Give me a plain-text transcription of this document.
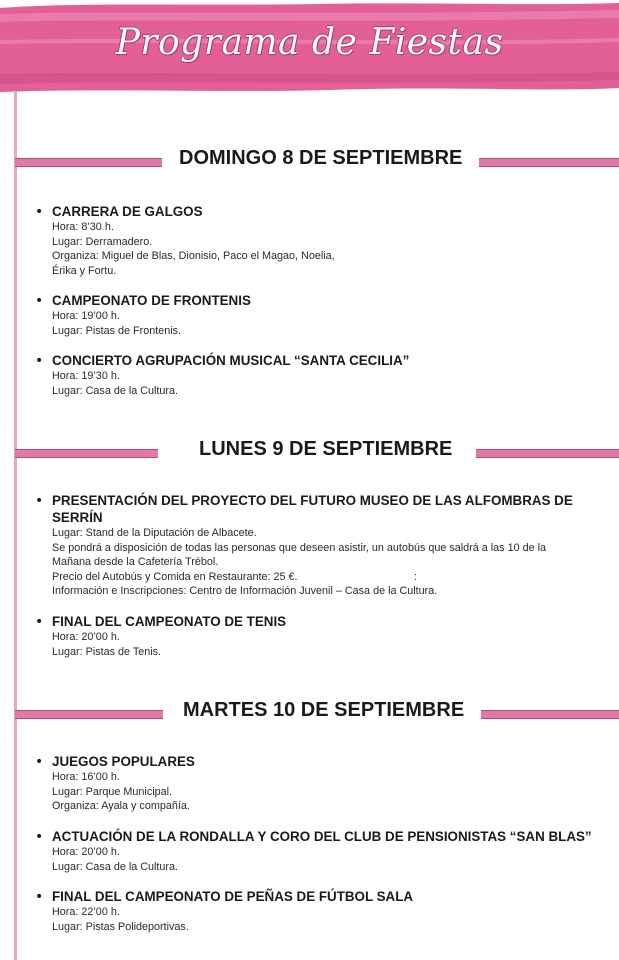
Programa de Fiestas
DOMINGO 8 DE SEPTIEMBRE
• CARRERA DE GALGOS
Hora: 8’30 h.
Lugar: Derramadero.
Organiza: Miguel de Blas, Dionisio, Paco el Magao, Noelia,
Érika y Fortu.
• CAMPEONATO DE FRONTENIS
Hora: 19’00 h.
Lugar: Pistas de Frontenis.
• CONCIERTO AGRUPACIÓN MUSICAL “SANTA CECILIA”
Hora: 19’30 h.
Lugar: Casa de la Cultura.
LUNES 9 DE SEPTIEMBRE
• PRESENTACIÓN DEL PROYECTO DEL FUTURO MUSEO DE LAS ALFOMBRAS DE SERRÍN
Lugar: Stand de la Diputación de Albacete.
Se pondrá a disposición de todas las personas que deseen asistir, un autobús que saldrá a las 10 de la
Mañana desde la Cafetería Trébol.
Precio del Autobús y Comida en Restaurante: 25 €.	:
Información e Inscripciones: Centro de Información Juvenil – Casa de la Cultura.
• FINAL DEL CAMPEONATO DE TENIS
Hora: 20’00 h.
Lugar: Pistas de Tenis.
MARTES 10 DE SEPTIEMBRE
• JUEGOS POPULARES
Hora: 16’00 h.
Lugar: Parque Municipal.
Organiza: Ayala y compañía.
• ACTUACIÓN DE LA RONDALLA Y CORO DEL CLUB DE PENSIONISTAS “SAN BLAS”
Hora: 20’00 h.
Lugar: Casa de la Cultura.
• FINAL DEL CAMPEONATO DE PEÑAS DE FÚTBOL SALA
Hora: 22’00 h.
Lugar: Pistas Polideportivas.
